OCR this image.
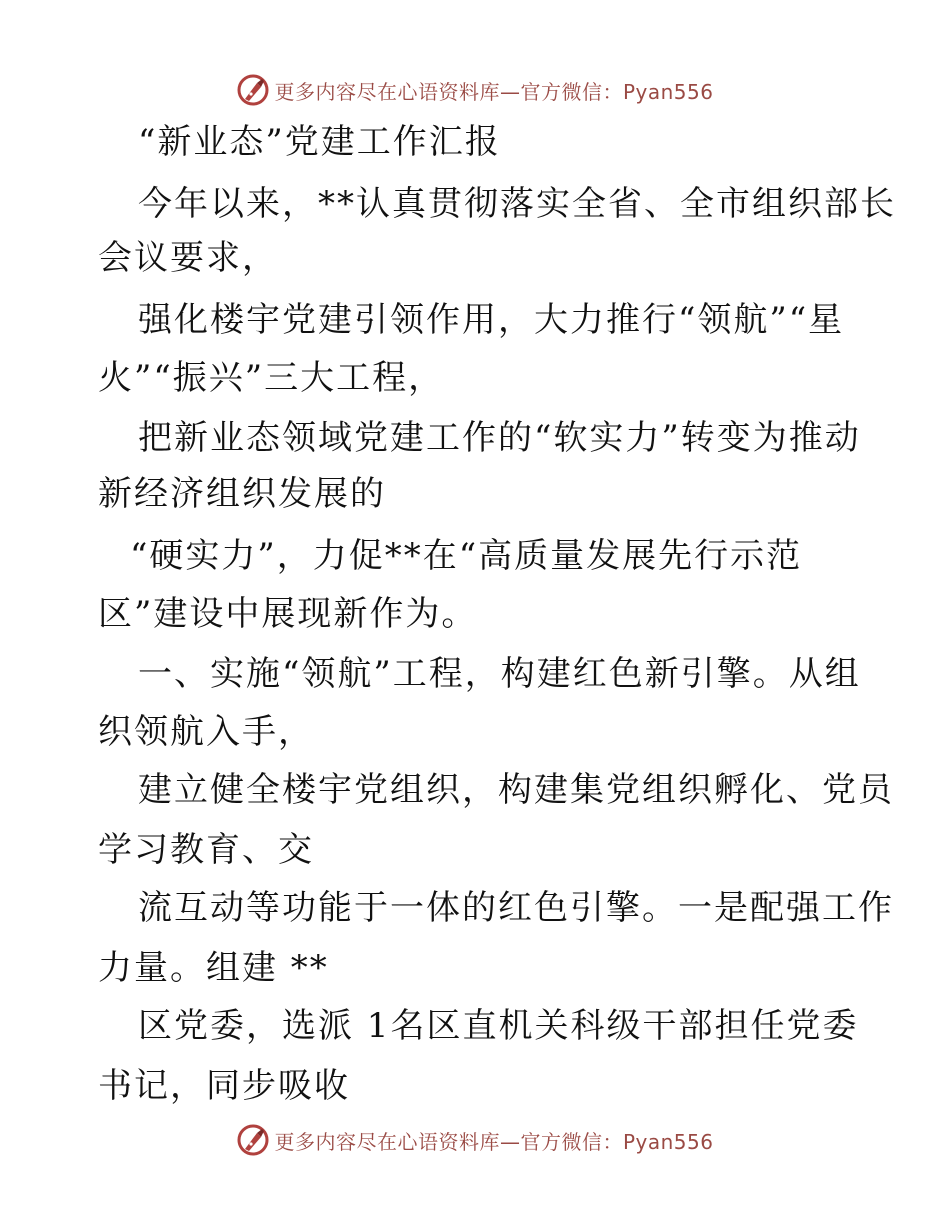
更多内容尽在心语资料库—官方微信：Pyan556
“新业态”党建工作汇报
今年以来，**认真贯彻落实全省、全市组织部长
会议要求，
强化楼宇党建引领作用，大力推行“领航”“星
火”“振兴”三大工程，
把新业态领域党建工作的“软实力”转变为推动
新经济组织发展的
“硬实力”，力促**在“高质量发展先行示范
区”建设中展现新作为。
一、实施“领航”工程，构建红色新引擎。从组
织领航入手，
建立健全楼宇党组织，构建集党组织孵化、党员
学习教育、交
流互动等功能于一体的红色引擎。一是配强工作
力量。组建 **
区党委，选派 1名区直机关科级干部担任党委
书记，同步吸收
更多内容尽在心语资料库—官方微信：Pyan556
